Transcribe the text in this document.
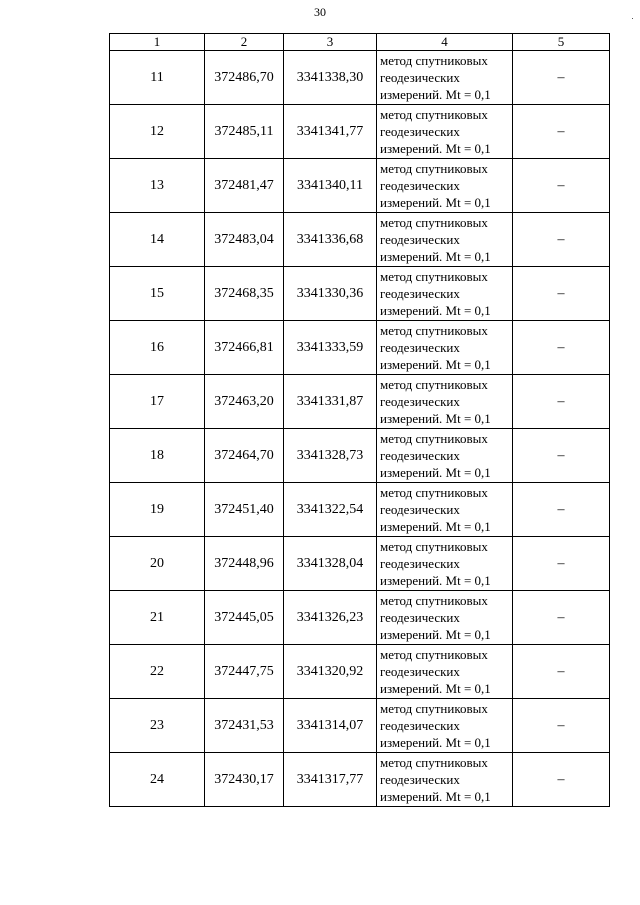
30
1	2	3	4	5
11	372486,70	3341338,30	метод спутниковых
геодезических
измерений. Mt = 0,1	–
12	372485,11	3341341,77	метод спутниковых
геодезических
измерений. Mt = 0,1	–
13	372481,47	3341340,11	метод спутниковых
геодезических
измерений. Mt = 0,1	–
14	372483,04	3341336,68	метод спутниковых
геодезических
измерений. Mt = 0,1	–
15	372468,35	3341330,36	метод спутниковых
геодезических
измерений. Mt = 0,1	–
16	372466,81	3341333,59	метод спутниковых
геодезических
измерений. Mt = 0,1	–
17	372463,20	3341331,87	метод спутниковых
геодезических
измерений. Mt = 0,1	–
18	372464,70	3341328,73	метод спутниковых
геодезических
измерений. Mt = 0,1	–
19	372451,40	3341322,54	метод спутниковых
геодезических
измерений. Mt = 0,1	–
20	372448,96	3341328,04	метод спутниковых
геодезических
измерений. Mt = 0,1	–
21	372445,05	3341326,23	метод спутниковых
геодезических
измерений. Mt = 0,1	–
22	372447,75	3341320,92	метод спутниковых
геодезических
измерений. Mt = 0,1	–
23	372431,53	3341314,07	метод спутниковых
геодезических
измерений. Mt = 0,1	–
24	372430,17	3341317,77	метод спутниковых
геодезических
измерений. Mt = 0,1	–
